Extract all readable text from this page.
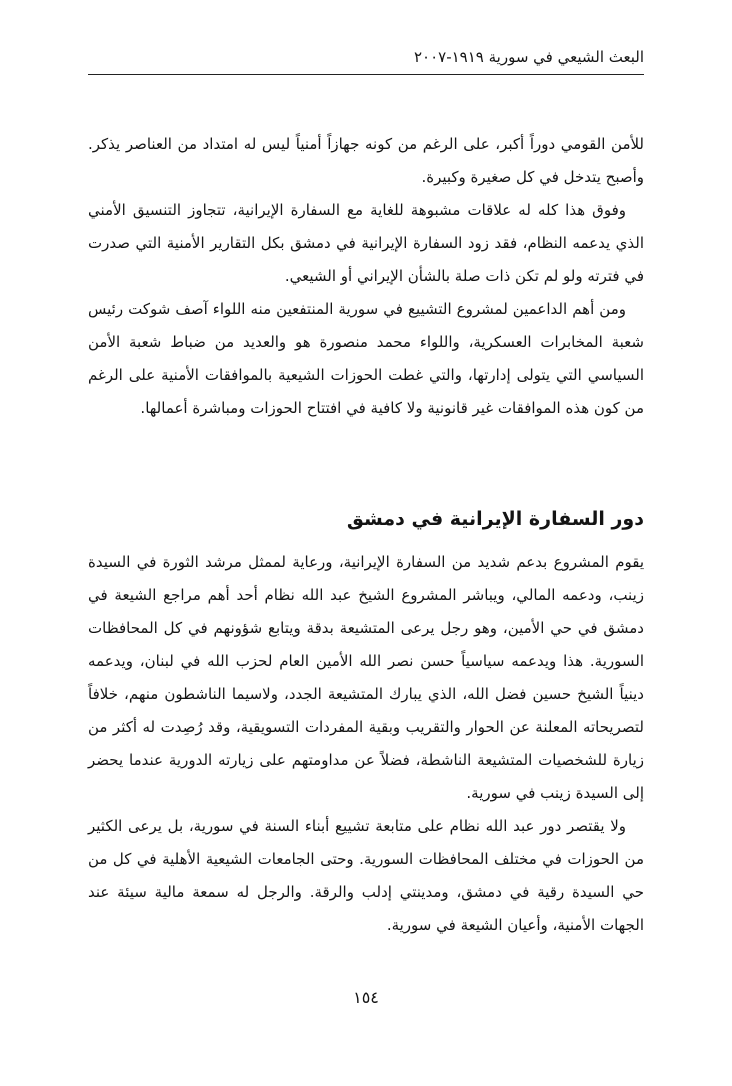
البعث الشيعي في سورية ١٩١٩-٢٠٠٧

للأمن القومي دوراً أكبر، على الرغم من كونه جهازاً أمنياً ليس له امتداد من العناصر يذكر. وأصبح يتدخل في كل صغيرة وكبيرة.

وفوق هذا كله له علاقات مشبوهة للغاية مع السفارة الإيرانية، تتجاوز التنسيق الأمني الذي يدعمه النظام، فقد زود السفارة الإيرانية في دمشق بكل التقارير الأمنية التي صدرت في فترته ولو لم تكن ذات صلة بالشأن الإيراني أو الشيعي.

ومن أهم الداعمين لمشروع التشييع في سورية المنتفعين منه اللواء آصف شوكت رئيس شعبة المخابرات العسكرية، واللواء محمد منصورة هو والعديد من ضباط شعبة الأمن السياسي التي يتولى إدارتها، والتي غطت الحوزات الشيعية بالموافقات الأمنية على الرغم من كون هذه الموافقات غير قانونية ولا كافية في افتتاح الحوزات ومباشرة أعمالها.

دور السفارة الإيرانية في دمشق

يقوم المشروع بدعم شديد من السفارة الإيرانية، ورعاية لممثل مرشد الثورة في السيدة زينب، ودعمه المالي، ويباشر المشروع الشيخ عبد الله نظام أحد أهم مراجع الشيعة في دمشق في حي الأمين، وهو رجل يرعى المتشيعة بدقة ويتابع شؤونهم في كل المحافظات السورية. هذا ويدعمه سياسياً حسن نصر الله الأمين العام لحزب الله في لبنان، ويدعمه دينياً الشيخ حسين فضل الله، الذي يبارك المتشيعة الجدد، ولاسيما الناشطون منهم، خلافاً لتصريحاته المعلنة عن الحوار والتقريب وبقية المفردات التسويقية، وقد رُصِدت له أكثر من زيارة للشخصيات المتشيعة الناشطة، فضلاً عن مداومتهم على زيارته الدورية عندما يحضر إلى السيدة زينب في سورية.

ولا يقتصر دور عبد الله نظام على متابعة تشييع أبناء السنة في سورية، بل يرعى الكثير من الحوزات في مختلف المحافظات السورية. وحتى الجامعات الشيعية الأهلية في كل من حي السيدة رقية في دمشق، ومدينتي إدلب والرقة. والرجل له سمعة مالية سيئة عند الجهات الأمنية، وأعيان الشيعة في سورية.

١٥٤
